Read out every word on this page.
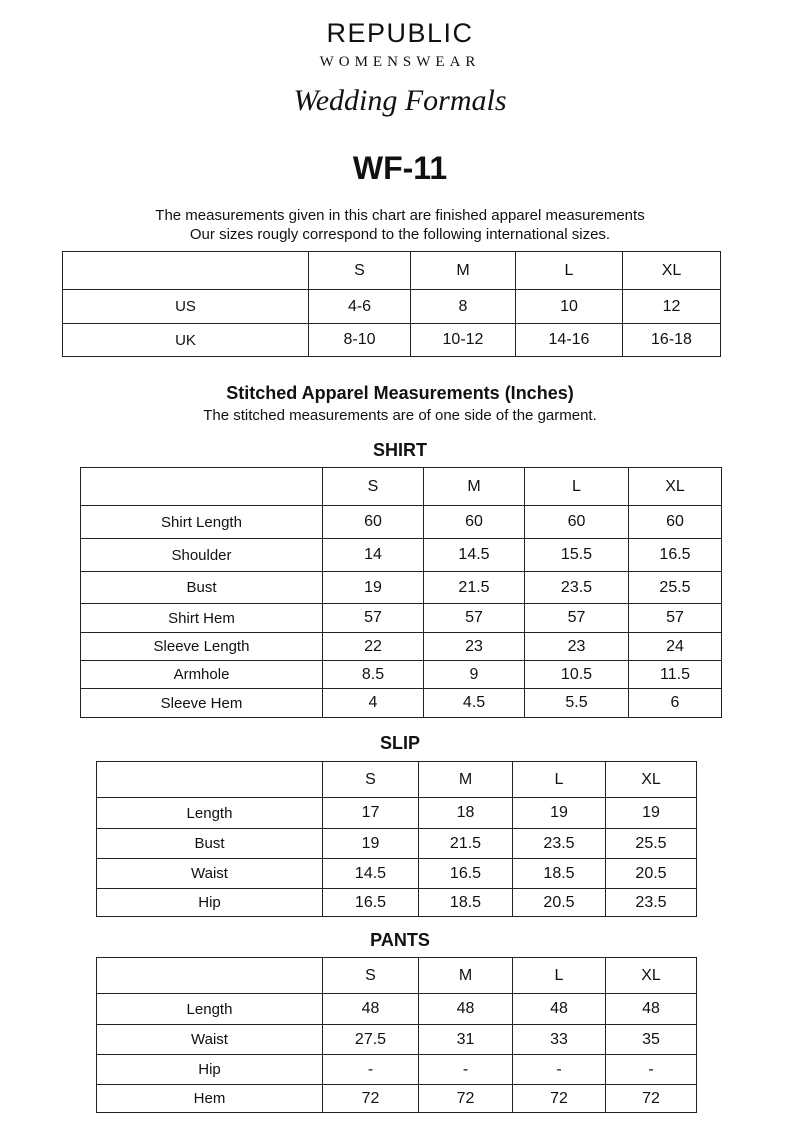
REPUBLIC
WOMENSWEAR
Wedding Formals
WF-11
The measurements given in this chart are finished apparel measurements
Our sizes rougly correspond to the following international sizes.
	S	M	L	XL
US	4-6	8	10	12
UK	8-10	10-12	14-16	16-18
Stitched Apparel Measurements (Inches)
The stitched measurements are of one side of the garment.
SHIRT
	S	M	L	XL
Shirt Length	60	60	60	60
Shoulder	14	14.5	15.5	16.5
Bust	19	21.5	23.5	25.5
Shirt Hem	57	57	57	57
Sleeve Length	22	23	23	24
Armhole	8.5	9	10.5	11.5
Sleeve Hem	4	4.5	5.5	6
SLIP
	S	M	L	XL
Length	17	18	19	19
Bust	19	21.5	23.5	25.5
Waist	14.5	16.5	18.5	20.5
Hip	16.5	18.5	20.5	23.5
PANTS
	S	M	L	XL
Length	48	48	48	48
Waist	27.5	31	33	35
Hip	-	-	-	-
Hem	72	72	72	72
